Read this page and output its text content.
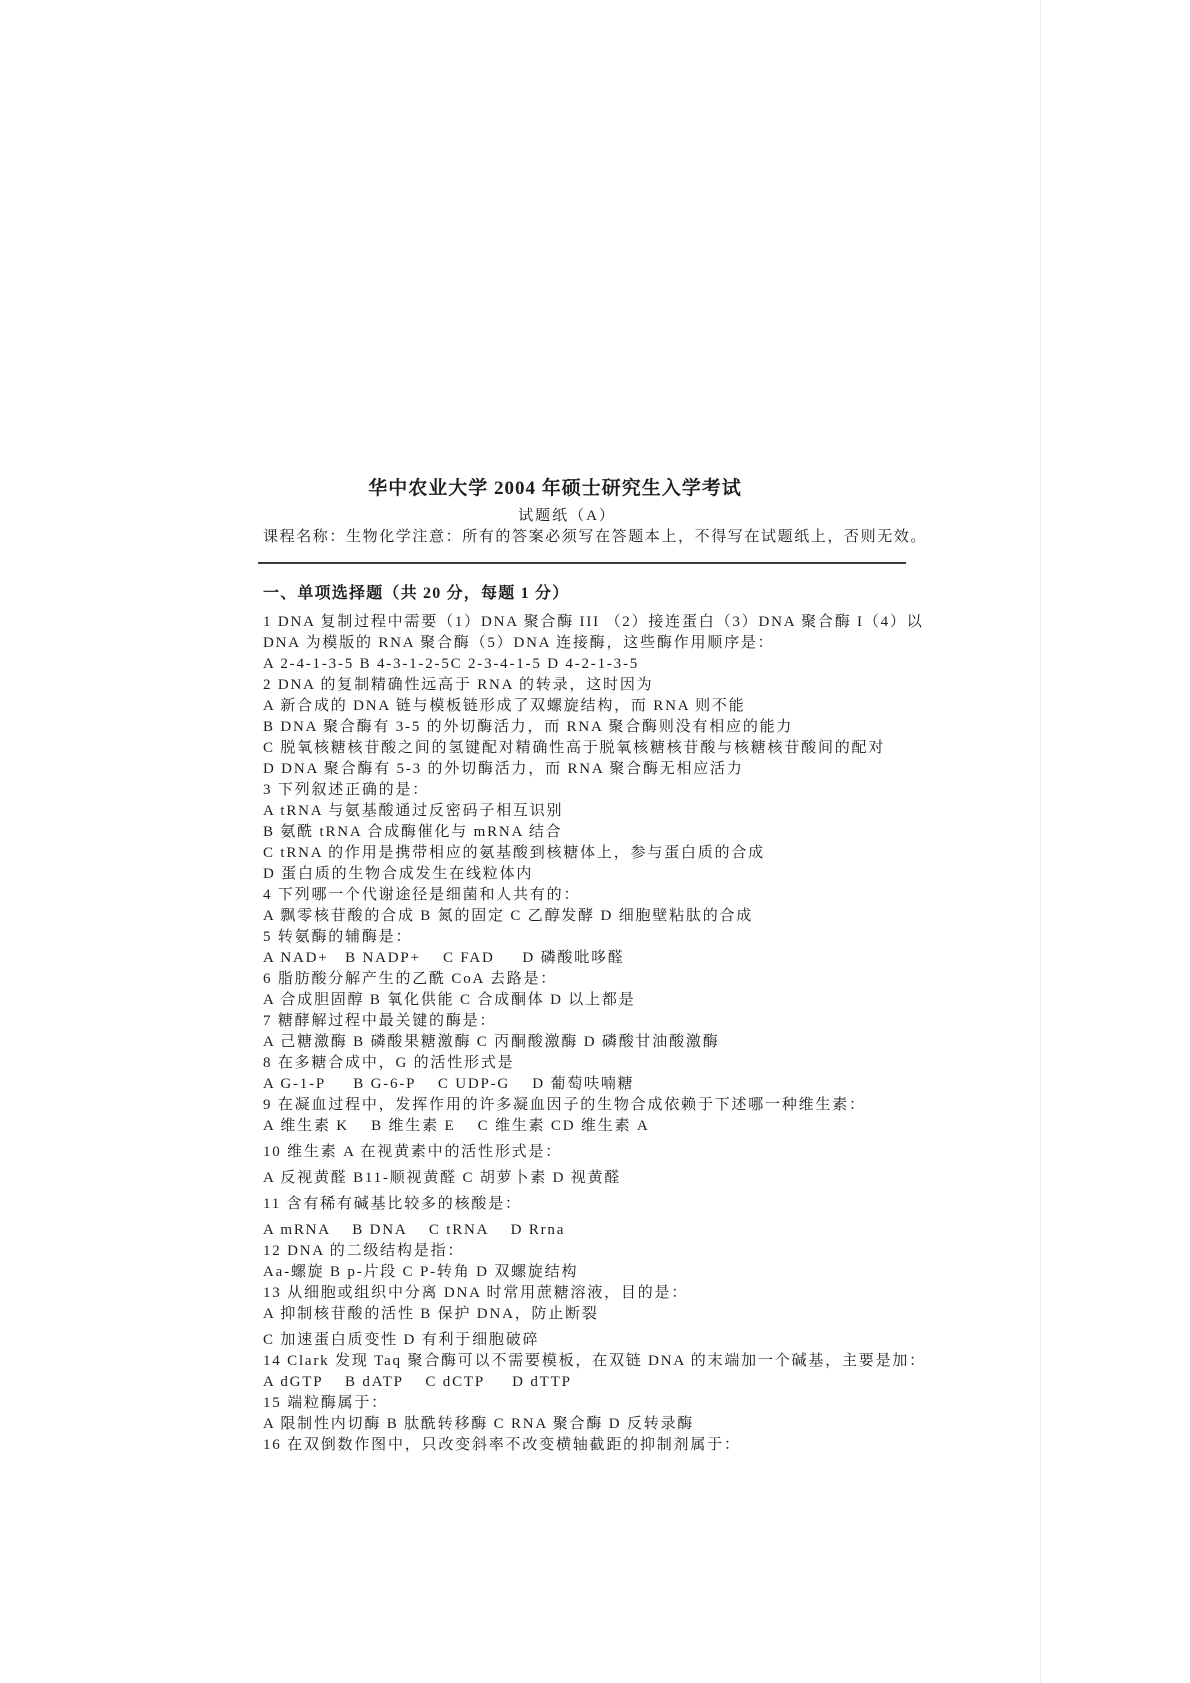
华中农业大学 2004 年硕士研究生入学考试
试题纸（A）
课程名称：生物化学注意：所有的答案必须写在答题本上，不得写在试题纸上，否则无效。
一、单项选择题（共 20 分，每题 1 分）
1 DNA 复制过程中需要（1）DNA 聚合酶 III （2）接连蛋白（3）DNA 聚合酶 I（4）以
DNA 为模版的 RNA 聚合酶（5）DNA 连接酶，这些酶作用顺序是：
A 2-4-1-3-5 B 4-3-1-2-5C 2-3-4-1-5 D 4-2-1-3-5
2 DNA 的复制精确性远高于 RNA 的转录，这时因为
A 新合成的 DNA 链与模板链形成了双螺旋结构，而 RNA 则不能
B DNA 聚合酶有 3-5 的外切酶活力，而 RNA 聚合酶则没有相应的能力
C 脱氧核糖核苷酸之间的氢键配对精确性高于脱氧核糖核苷酸与核糖核苷酸间的配对
D DNA 聚合酶有 5-3 的外切酶活力，而 RNA 聚合酶无相应活力
3 下列叙述正确的是：
A tRNA 与氨基酸通过反密码子相互识别
B 氨酰 tRNA 合成酶催化与 mRNA 结合
C tRNA 的作用是携带相应的氨基酸到核糖体上，参与蛋白质的合成
D 蛋白质的生物合成发生在线粒体内
4 下列哪一个代谢途径是细菌和人共有的：
A 飘零核苷酸的合成 B 氮的固定 C 乙醇发酵 D 细胞壁粘肽的合成
5 转氨酶的辅酶是：
A NAD+   B NADP+    C FAD     D 磷酸吡哆醛
6 脂肪酸分解产生的乙酰 CoA 去路是：
A 合成胆固醇 B 氧化供能 C 合成酮体 D 以上都是
7 糖酵解过程中最关键的酶是：
A 己糖激酶 B 磷酸果糖激酶 C 丙酮酸激酶 D 磷酸甘油酸激酶
8 在多糖合成中，G 的活性形式是
A G-1-P     B G-6-P    C UDP-G    D 葡萄呋喃糖
9 在凝血过程中，发挥作用的许多凝血因子的生物合成依赖于下述哪一种维生素：
A 维生素 K    B 维生素 E    C 维生素 CD 维生素 A
10 维生素 A 在视黄素中的活性形式是：
A 反视黄醛 B11-顺视黄醛 C 胡萝卜素 D 视黄醛
11 含有稀有碱基比较多的核酸是：
A mRNA    B DNA    C tRNA    D Rrna
12 DNA 的二级结构是指：
Aa-螺旋 B p-片段 C P-转角 D 双螺旋结构
13 从细胞或组织中分离 DNA 时常用蔗糖溶液，目的是：
A 抑制核苷酸的活性 B 保护 DNA，防止断裂
C 加速蛋白质变性 D 有利于细胞破碎
14 Clark 发现 Taq 聚合酶可以不需要模板，在双链 DNA 的末端加一个碱基，主要是加：
A dGTP    B dATP    C dCTP     D dTTP
15 端粒酶属于：
A 限制性内切酶 B 肽酰转移酶 C RNA 聚合酶 D 反转录酶
16 在双倒数作图中，只改变斜率不改变横轴截距的抑制剂属于：
